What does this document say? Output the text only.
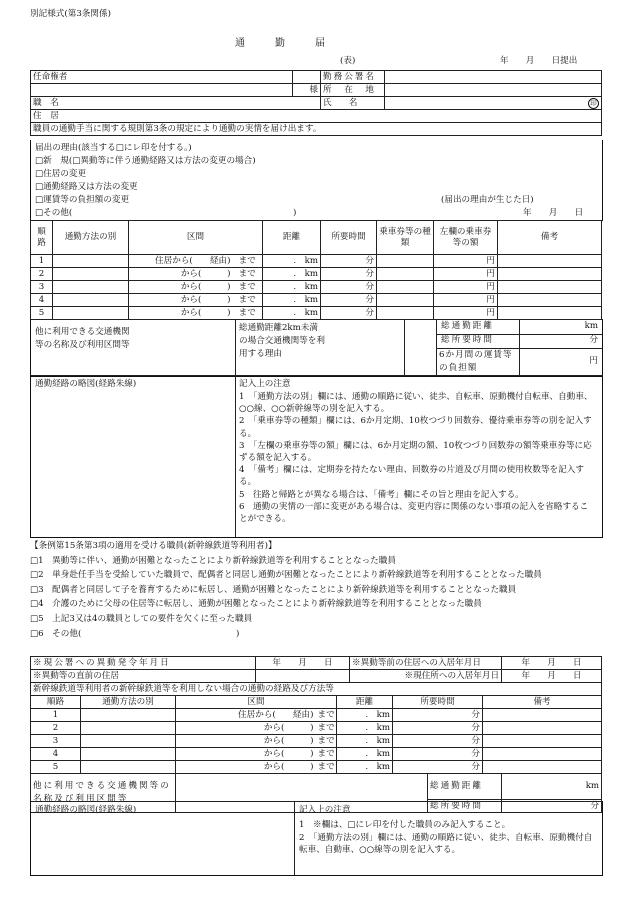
別記様式(第3条関係)
通　　　勤　　　届
(表)	年　　月　　日提出
任命権者		勤務公署名	
	様	所　在　地	
職　名		氏　　名	印
住　居			
職員の通勤手当に関する規則第3条の規定により通勤の実情を届け出ます。			
届出の理由(該当する□にレ印を付する。)
□新　規(□異動等に伴う通勤経路又は方法の変更の場合)
□住居の変更
□通勤経路又は方法の変更
□運賃等の負担額の変更
□その他(	)
(届出の理由が生じた日)
年　　月　　日
順路	通勤方法の別	区間		距離	所要時間	乗車券等の種類	左欄の乗車券等の額	備考
1		住居から(　　経由)	まで	.　km	分		円	
2		から(　　　)	まで	.　km	分		円	
3		から(　　　)	まで	.　km	分		円	
4		から(　　　)	まで	.　km	分		円	
5		から(　　　)	まで	.　km	分		円	
他に利用できる交通機関等の名称及び利用区間等
総通勤距離2km未満の場合交通機関等を利用する理由
総通勤距離	km
総所要時間	分
6か月間の運賃等の負担額
円
通勤経路の略図(経路朱線)	記入上の注意
1　「通勤方法の別」欄には、通勤の順路に従い、徒歩、自転車、原動機付自転車、自動車、○○線、○○新幹線等の別を記入する。
2　「乗車券等の種類」欄には、6か月定期、10枚つづり回数券、優待乗車券等の別を記入する。
3　「左欄の乗車券等の額」欄には、6か月定期の額、10枚つづり回数券の額等乗車券等に応ずる額を記入する。
4　「備考」欄には、定期券を持たない理由、回数券の片道及び月間の使用枚数等を記入する。
5　往路と帰路とが異なる場合は、「備考」欄にその旨と理由を記入する。
6　通勤の実情の一部に変更がある場合は、変更内容に関係のない事項の記入を省略することができる。
【条例第15条第3項の適用を受ける職員(新幹線鉄道等利用者)】
□1　異動等に伴い、通勤が困難となったことにより新幹線鉄道等を利用することとなった職員
□2　単身赴任手当を受給していた職員で、配偶者と同居し通勤が困難となったことにより新幹線鉄道等を利用することとなった職員
□3　配偶者と同居して子を養育するために転居し、通勤が困難となったことにより新幹線鉄道等を利用することとなった職員
□4　介護のために父母の住居等に転居し、通勤が困難となったことにより新幹線鉄道等を利用することとなった職員
□5　上記3又は4の職員としての要件を欠くに至った職員
□6　その他(　　　　　　　　　　　　　　　　　　)
※現公署への異動発令年月日			年　　月　　日			※異動等前の住居への入居年月日				年　　月　　日
※異動等の直前の住居						※現住所への入居年月日				年　　月　　日
新幹線鉄道等利用者の新幹線鉄道等を利用しない場合の通勤の経路及び方法等										
順路	通勤方法の別	区間			距離		所要時間		備考	
1		住居から(　　経由)		まで	.　km		分			
2		から(　　　)		まで	.　km		分			
3		から(　　　)		まで	.　km		分			
4		から(　　　)		まで	.　km		分			
5		から(　　　)		まで	.　km		分			
他に利用できる交通機関等の名称及び利用区間等								総通勤距離		km
								総所要時間		分
通勤経路の略図(経路朱線)	記入上の注意
1　※欄は、□にレ印を付した職員のみ記入すること。
2　「通勤方法の別」欄には、通勤の順路に従い、徒歩、自転車、原動機付自転車、自動車、○○線等の別を記入する。
